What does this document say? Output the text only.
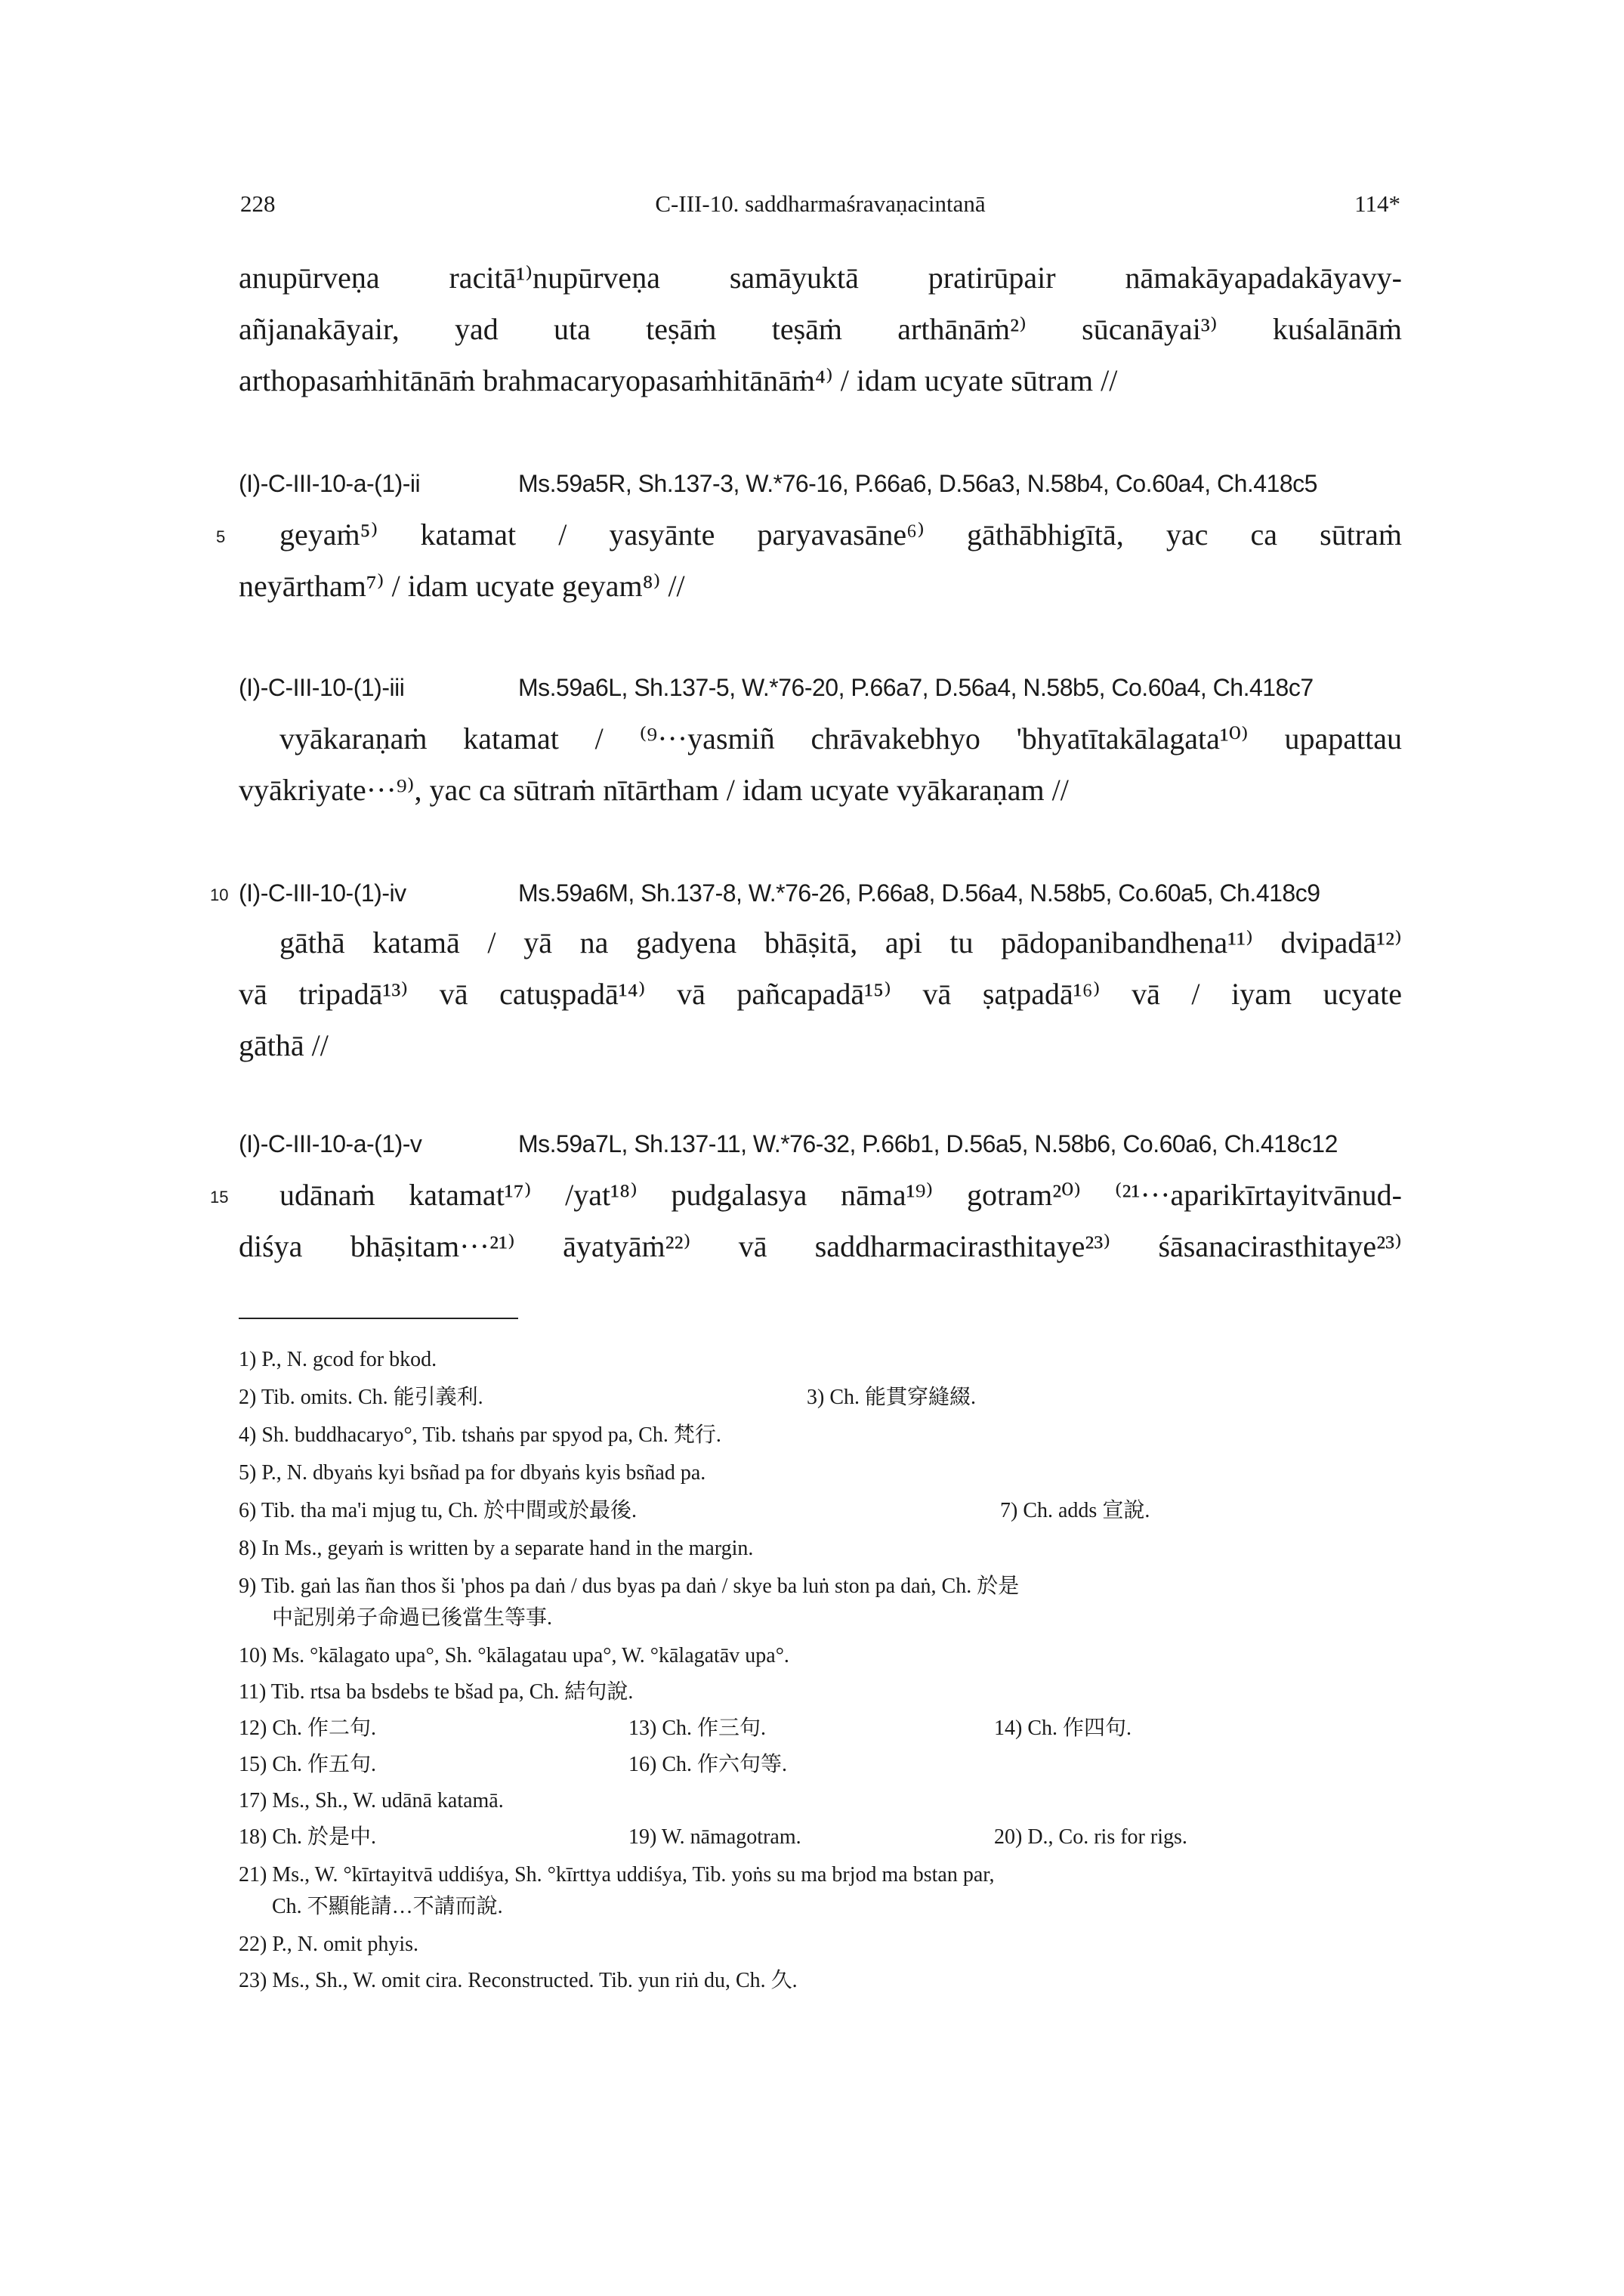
228	C-III-10. saddharmaśravaṇacintanā	114*
anupūrveṇa racitā¹⁾nupūrveṇa samāyuktā pratirūpair nāmakāyapadakāyavy-
añjanakāyair, yad uta teṣāṁ teṣāṁ arthānāṁ²⁾ sūcanāyai³⁾ kuśalānāṁ
arthopasaṁhitānāṁ brahmacaryopasaṁhitānāṁ⁴⁾ / idam ucyate sūtram //
(I)-C-III-10-a-(1)-ii	Ms.59a5R, Sh.137-3, W.*76-16, P.66a6, D.56a3, N.58b4, Co.60a4, Ch.418c5
5 geyaṁ⁵⁾ katamat / yasyānte paryavasāne⁶⁾ gāthābhigītā, yac ca sūtraṁ
neyārtham⁷⁾ / idam ucyate geyam⁸⁾ //
(I)-C-III-10-(1)-iii	Ms.59a6L, Sh.137-5, W.*76-20, P.66a7, D.56a4, N.58b5, Co.60a4, Ch.418c7
vyākaraṇaṁ katamat / ⁽⁹···yasmiñ chrāvakebhyo 'bhyatītakālagata¹⁰⁾ upapattau
vyākriyate···⁹⁾, yac ca sūtraṁ nītārtham / idam ucyate vyākaraṇam //
10 (I)-C-III-10-(1)-iv	Ms.59a6M, Sh.137-8, W.*76-26, P.66a8, D.56a4, N.58b5, Co.60a5, Ch.418c9
gāthā katamā / yā na gadyena bhāṣitā, api tu pādopanibandhena¹¹⁾ dvipadā¹²⁾
vā tripadā¹³⁾ vā catuṣpadā¹⁴⁾ vā pañcapadā¹⁵⁾ vā ṣaṭpadā¹⁶⁾ vā / iyam ucyate
gāthā //
(I)-C-III-10-a-(1)-v	Ms.59a7L, Sh.137-11, W.*76-32, P.66b1, D.56a5, N.58b6, Co.60a6, Ch.418c12
15 udānaṁ katamat¹⁷⁾ /yat¹⁸⁾ pudgalasya nāma¹⁹⁾ gotram²⁰⁾ ⁽²¹···aparikīrtayitvānud-
diśya bhāṣitam···²¹⁾ āyatyāṁ²²⁾ vā saddharmacirasthitaye²³⁾ śāsanacirasthitaye²³⁾
1) P., N. gcod for bkod.
2) Tib. omits. Ch. 能引義利.	3) Ch. 能貫穿縫綴.
4) Sh. buddhacaryo°, Tib. tshaṅs par spyod pa, Ch. 梵行.
5) P., N. dbyaṅs kyi bsñad pa for dbyaṅs kyis bsñad pa.
6) Tib. tha ma'i mjug tu, Ch. 於中間或於最後.	7) Ch. adds 宣說.
8) In Ms., geyaṁ is written by a separate hand in the margin.
9) Tib. gaṅ las ñan thos ši 'phos pa daṅ / dus byas pa daṅ / skye ba luṅ ston pa daṅ, Ch. 於是
中記別弟子命過已後當生等事.
10) Ms. °kālagato upa°, Sh. °kālagatau upa°, W. °kālagatāv upa°.
11) Tib. rtsa ba bsdebs te bšad pa, Ch. 結句說.
12) Ch. 作二句.	13) Ch. 作三句.	14) Ch. 作四句.
15) Ch. 作五句.	16) Ch. 作六句等.
17) Ms., Sh., W. udānā katamā.
18) Ch. 於是中.	19) W. nāmagotram.	20) D., Co. ris for rigs.
21) Ms., W. °kīrtayitvā uddiśya, Sh. °kīrttya uddiśya, Tib. yoṅs su ma brjod ma bstan par,
Ch. 不顯能請…不請而說.
22) P., N. omit phyis.
23) Ms., Sh., W. omit cira. Reconstructed. Tib. yun riṅ du, Ch. 久.
